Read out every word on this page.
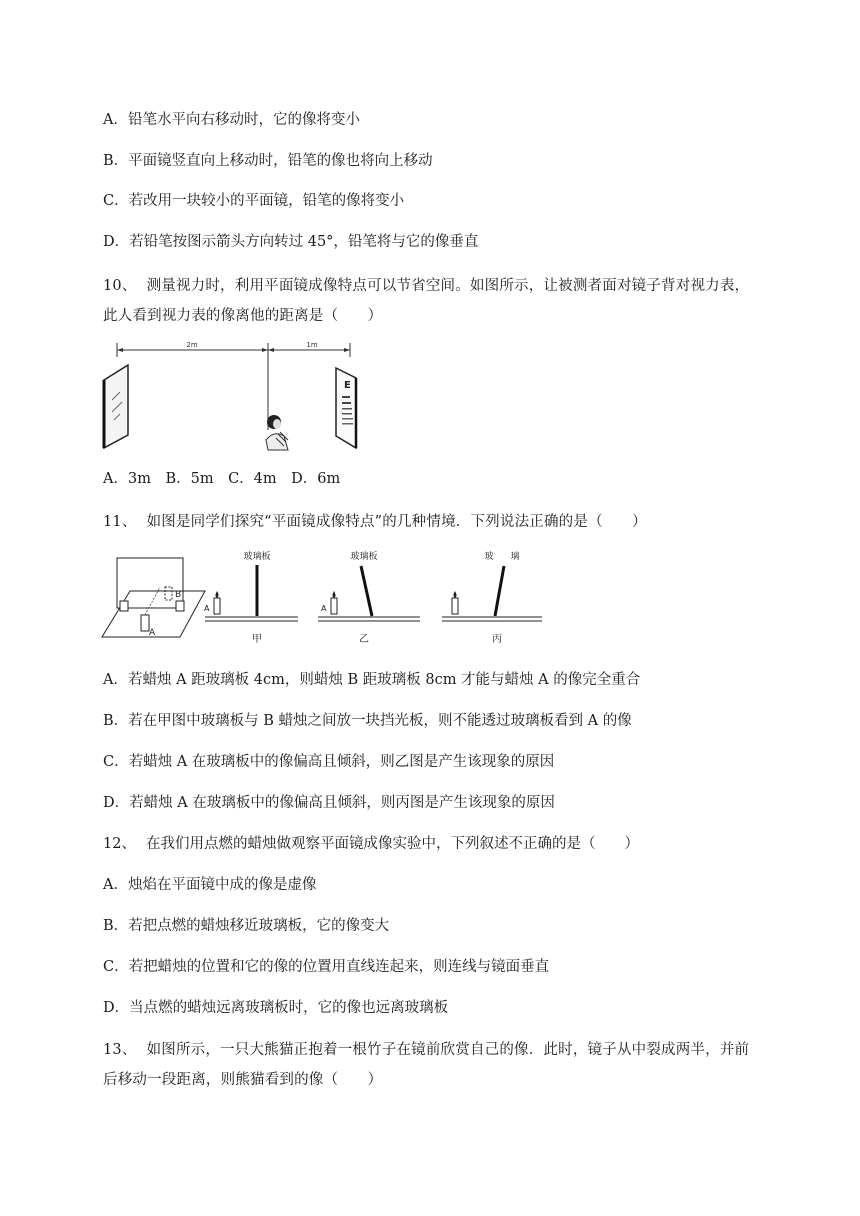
A．铅笔水平向右移动时，它的像将变小
B．平面镜竖直向上移动时，铅笔的像也将向上移动
C．若改用一块较小的平面镜，铅笔的像将变小
D．若铅笔按图示箭头方向转过 45°，铅笔将与它的像垂直
10、 测量视力时，利用平面镜成像特点可以节省空间。如图所示，让被测者面对镜子背对视力表，此人看到视力表的像离他的距离是（　　）
2m	1m
E
A．3m　B．5m　C．4m　D．6m
11、 如图是同学们探究“平面镜成像特点”的几种情境．下列说法正确的是（　　）
B
A
A
玻璃板
甲
A
玻璃板
乙
玻 璃
丙
A．若蜡烛 A 距玻璃板 4cm，则蜡烛 B 距玻璃板 8cm 才能与蜡烛 A 的像完全重合
B．若在甲图中玻璃板与 B 蜡烛之间放一块挡光板，则不能透过玻璃板看到 A 的像
C．若蜡烛 A 在玻璃板中的像偏高且倾斜，则乙图是产生该现象的原因
D．若蜡烛 A 在玻璃板中的像偏高且倾斜，则丙图是产生该现象的原因
12、 在我们用点燃的蜡烛做观察平面镜成像实验中，下列叙述不正确的是（　　）
A．烛焰在平面镜中成的像是虚像
B．若把点燃的蜡烛移近玻璃板，它的像变大
C．若把蜡烛的位置和它的像的位置用直线连起来，则连线与镜面垂直
D．当点燃的蜡烛远离玻璃板时，它的像也远离玻璃板
13、 如图所示，一只大熊猫正抱着一根竹子在镜前欣赏自己的像．此时，镜子从中裂成两半，并前后移动一段距离，则熊猫看到的像（　　）
